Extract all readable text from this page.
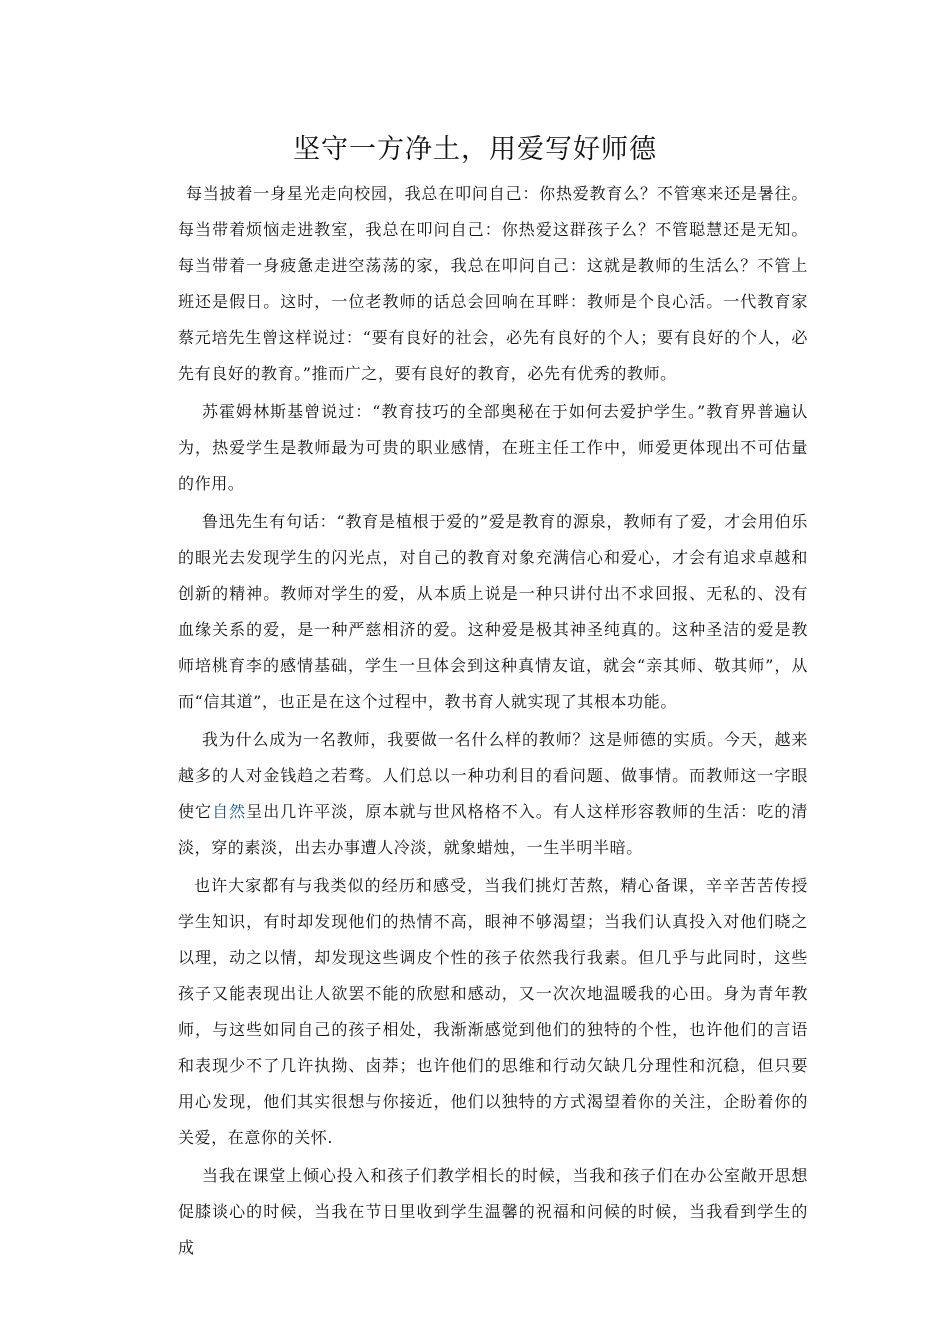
坚守一方净土，用爱写好师德

每当披着一身星光走向校园，我总在叩问自己：你热爱教育么？不管寒来还是暑往。每当带着烦恼走进教室，我总在叩问自己：你热爱这群孩子么？不管聪慧还是无知。每当带着一身疲惫走进空荡荡的家，我总在叩问自己：这就是教师的生活么？不管上班还是假日。这时，一位老教师的话总会回响在耳畔：教师是个良心活。一代教育家蔡元培先生曾这样说过：“要有良好的社会，必先有良好的个人；要有良好的个人，必先有良好的教育。”推而广之，要有良好的教育，必先有优秀的教师。

苏霍姆林斯基曾说过：“教育技巧的全部奥秘在于如何去爱护学生。”教育界普遍认为，热爱学生是教师最为可贵的职业感情，在班主任工作中，师爱更体现出不可估量的作用。

鲁迅先生有句话：“教育是植根于爱的”爱是教育的源泉，教师有了爱，才会用伯乐的眼光去发现学生的闪光点，对自己的教育对象充满信心和爱心，才会有追求卓越和创新的精神。教师对学生的爱，从本质上说是一种只讲付出不求回报、无私的、没有血缘关系的爱，是一种严慈相济的爱。这种爱是极其神圣纯真的。这种圣洁的爱是教师培桃育李的感情基础，学生一旦体会到这种真情友谊，就会“亲其师、敬其师”，从而“信其道”，也正是在这个过程中，教书育人就实现了其根本功能。

我为什么成为一名教师，我要做一名什么样的教师？这是师德的实质。今天，越来越多的人对金钱趋之若骛。人们总以一种功利目的看问题、做事情。而教师这一字眼使它自然呈出几许平淡，原本就与世风格格不入。有人这样形容教师的生活：吃的清淡，穿的素淡，出去办事遭人冷淡，就象蜡烛，一生半明半暗。

也许大家都有与我类似的经历和感受，当我们挑灯苦熬，精心备课，辛辛苦苦传授学生知识，有时却发现他们的热情不高，眼神不够渴望；当我们认真投入对他们晓之以理，动之以情，却发现这些调皮个性的孩子依然我行我素。但几乎与此同时，这些孩子又能表现出让人欲罢不能的欣慰和感动，又一次次地温暖我的心田。身为青年教师，与这些如同自己的孩子相处，我渐渐感觉到他们的独特的个性，也许他们的言语和表现少不了几许执拗、卤莽；也许他们的思维和行动欠缺几分理性和沉稳，但只要用心发现，他们其实很想与你接近，他们以独特的方式渴望着你的关注，企盼着你的关爱，在意你的关怀.

当我在课堂上倾心投入和孩子们教学相长的时候，当我和孩子们在办公室敞开思想促膝谈心的时候，当我在节日里收到学生温馨的祝福和问候的时候，当我看到学生的成
